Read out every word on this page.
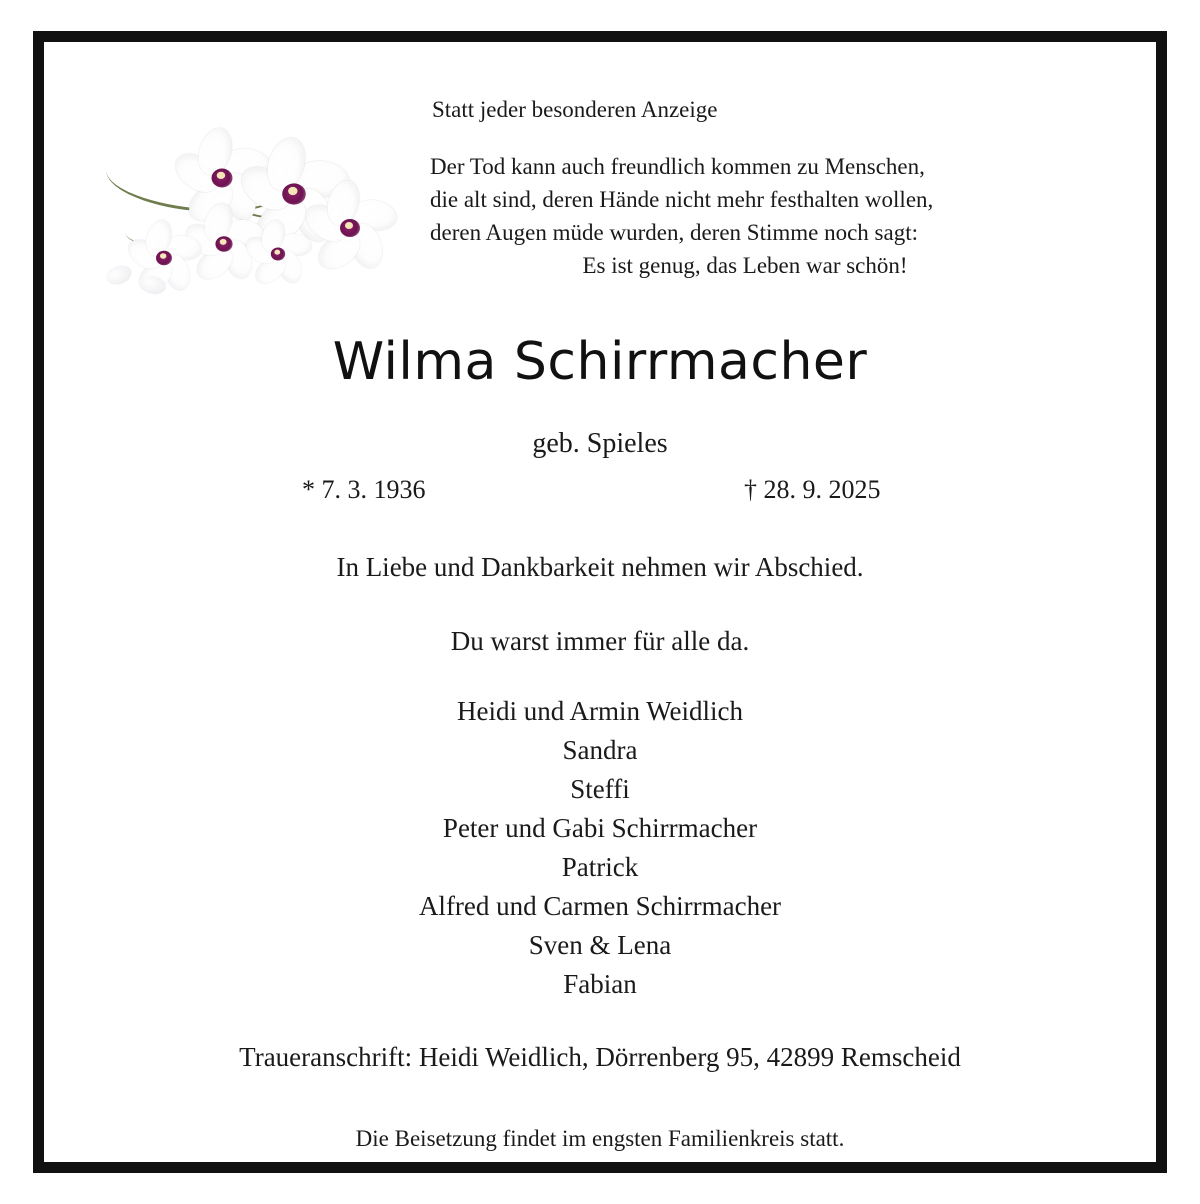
Statt jeder besonderen Anzeige
Der Tod kann auch freundlich kommen zu Menschen,
die alt sind, deren Hände nicht mehr festhalten wollen,
deren Augen müde wurden, deren Stimme noch sagt:
Es ist genug, das Leben war schön!
Wilma Schirrmacher
geb. Spieles
* 7. 3. 1936	† 28. 9. 2025
In Liebe und Dankbarkeit nehmen wir Abschied.
Du warst immer für alle da.
Heidi und Armin Weidlich
Sandra
Steffi
Peter und Gabi Schirrmacher
Patrick
Alfred und Carmen Schirrmacher
Sven & Lena
Fabian
Traueranschrift: Heidi Weidlich, Dörrenberg 95, 42899 Remscheid
Die Beisetzung findet im engsten Familienkreis statt.
